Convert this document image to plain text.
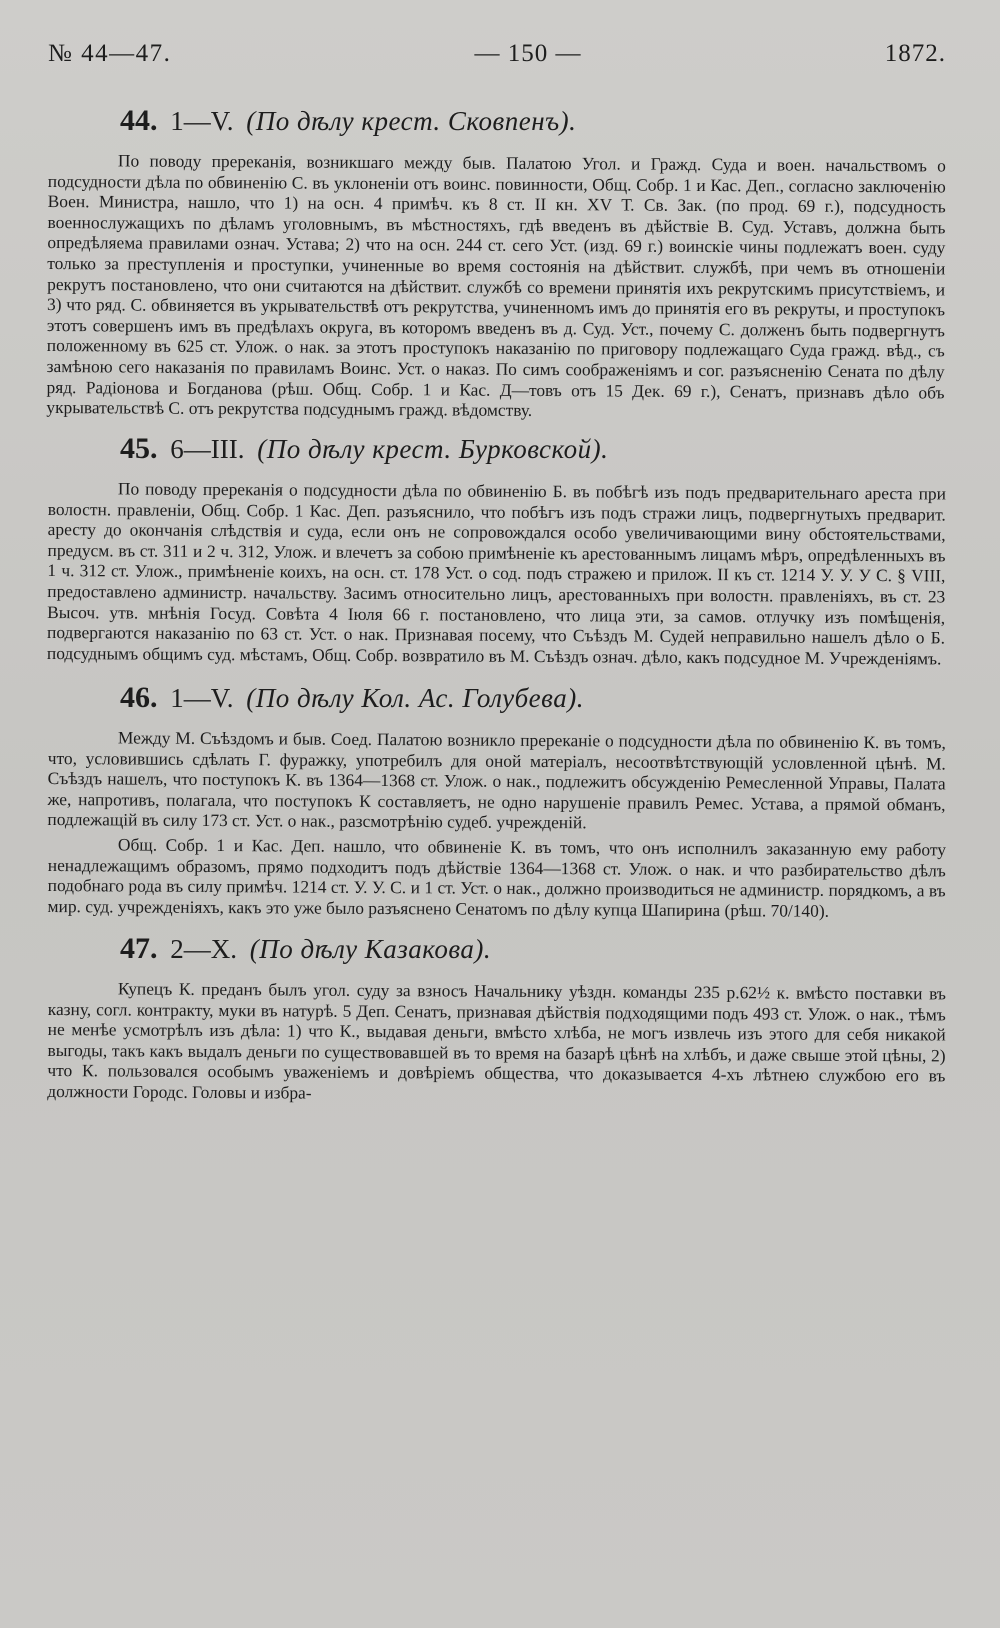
№ 44—47.	— 150 —	1872.
44. 1—V. (По дѣлу крест. Сковпенъ).

По поводу пререканія, возникшаго между быв. Палатою Угол. и Гражд. Суда и воен. начальствомъ о подсудности дѣла по обвиненію С. въ уклоненіи отъ воинс. повинности, Общ. Собр. 1 и Кас. Деп., согласно заключенію Воен. Министра, нашло, что 1) на осн. 4 примѣч. къ 8 ст. II кн. XV Т. Св. Зак. (по прод. 69 г.), подсудность военнослужащихъ по дѣламъ уголовнымъ, въ мѣстностяхъ, гдѣ введенъ въ дѣйствіе В. Суд. Уставъ, должна быть опредѣляема правилами означ. Устава; 2) что на осн. 244 ст. сего Уст. (изд. 69 г.) воинскіе чины подлежатъ воен. суду только за преступленія и проступки, учиненные во время состоянія на дѣйствит. службѣ, при чемъ въ отношеніи рекрутъ постановлено, что они считаются на дѣйствит. службѣ со времени принятія ихъ рекрутскимъ присутствіемъ, и 3) что ряд. С. обвиняется въ укрывательствѣ отъ рекрутства, учиненномъ имъ до принятія его въ рекруты, и проступокъ этотъ совершенъ имъ въ предѣлахъ округа, въ которомъ введенъ въ д. Суд. Уст., почему С. долженъ быть подвергнутъ положенному въ 625 ст. Улож. о нак. за этотъ проступокъ наказанію по приговору подлежащаго Суда гражд. вѣд., съ замѣною сего наказанія по правиламъ Воинс. Уст. о наказ. По симъ соображеніямъ и сог. разъясненію Сената по дѣлу ряд. Радіонова и Богданова (рѣш. Общ. Собр. 1 и Кас. Д—товъ отъ 15 Дек. 69 г.), Сенатъ, признавъ дѣло объ укрывательствѣ С. отъ рекрутства подсуднымъ гражд. вѣдомству.

45. 6—III. (По дѣлу крест. Бурковской).

По поводу пререканія о подсудности дѣла по обвиненію Б. въ побѣгѣ изъ подъ предварительнаго ареста при волостн. правленіи, Общ. Собр. 1 Кас. Деп. разъяснило, что побѣгъ изъ подъ стражи лицъ, подвергнутыхъ предварит. аресту до окончанія слѣдствія и суда, если онъ не сопровождался особо увеличивающими вину обстоятельствами, предусм. въ ст. 311 и 2 ч. 312, Улож. и влечетъ за собою примѣненіе къ арестованнымъ лицамъ мѣръ, опредѣленныхъ въ 1 ч. 312 ст. Улож., примѣненіе коихъ, на осн. ст. 178 Уст. о сод. подъ стражею и прилож. II къ ст. 1214 У. У. У С. § VIII, предоставлено администр. начальству. Засимъ относительно лицъ, арестованныхъ при волостн. правленіяхъ, въ ст. 23 Высоч. утв. мнѣнія Госуд. Совѣта 4 Іюля 66 г. постановлено, что лица эти, за самов. отлучку изъ помѣщенія, подвергаются наказанію по 63 ст. Уст. о нак. Признавая посему, что Съѣздъ М. Судей неправильно нашелъ дѣло о Б. подсуднымъ общимъ суд. мѣстамъ, Общ. Собр. возвратило въ М. Съѣздъ означ. дѣло, какъ подсудное М. Учрежденіямъ.

46. 1—V. (По дѣлу Кол. Ас. Голубева).

Между М. Съѣздомъ и быв. Соед. Палатою возникло пререканіе о подсудности дѣла по обвиненію К. въ томъ, что, условившись сдѣлать Г. фуражку, употребилъ для оной матеріалъ, несоотвѣтствующій условленной цѣнѣ. М. Съѣздъ нашелъ, что поступокъ К. въ 1364—1368 ст. Улож. о нак., подлежитъ обсужденію Ремесленной Управы, Палата же, напротивъ, полагала, что поступокъ К составляетъ, не одно нарушеніе правилъ Ремес. Устава, а прямой обманъ, подлежащій въ силу 173 ст. Уст. о нак., разсмотрѣнію судеб. учрежденій.

Общ. Собр. 1 и Кас. Деп. нашло, что обвиненіе К. въ томъ, что онъ исполнилъ заказанную ему работу ненадлежащимъ образомъ, прямо подходитъ подъ дѣйствіе 1364—1368 ст. Улож. о нак. и что разбирательство дѣлъ подобнаго рода въ силу примѣч. 1214 ст. У. У. С. и 1 ст. Уст. о нак., должно производиться не администр. порядкомъ, а въ мир. суд. учрежденіяхъ, какъ это уже было разъяснено Сенатомъ по дѣлу купца Шапирина (рѣш. 70/140).

47. 2—X. (По дѣлу Казакова).

Купецъ К. преданъ былъ угол. суду за взносъ Начальнику уѣздн. команды 235 р.62½ к. вмѣсто поставки въ казну, согл. контракту, муки въ натурѣ. 5 Деп. Сенатъ, признавая дѣйствія подходящими подъ 493 ст. Улож. о нак., тѣмъ не менѣе усмотрѣлъ изъ дѣла: 1) что К., выдавая деньги, вмѣсто хлѣба, не могъ извлечь изъ этого для себя никакой выгоды, такъ какъ выдалъ деньги по существовавшей въ то время на базарѣ цѣнѣ на хлѣбъ, и даже свыше этой цѣны, 2) что К. пользовался особымъ уваженіемъ и довѣріемъ общества, что доказывается 4-хъ лѣтнею службою его въ должности Городс. Головы и избра-
